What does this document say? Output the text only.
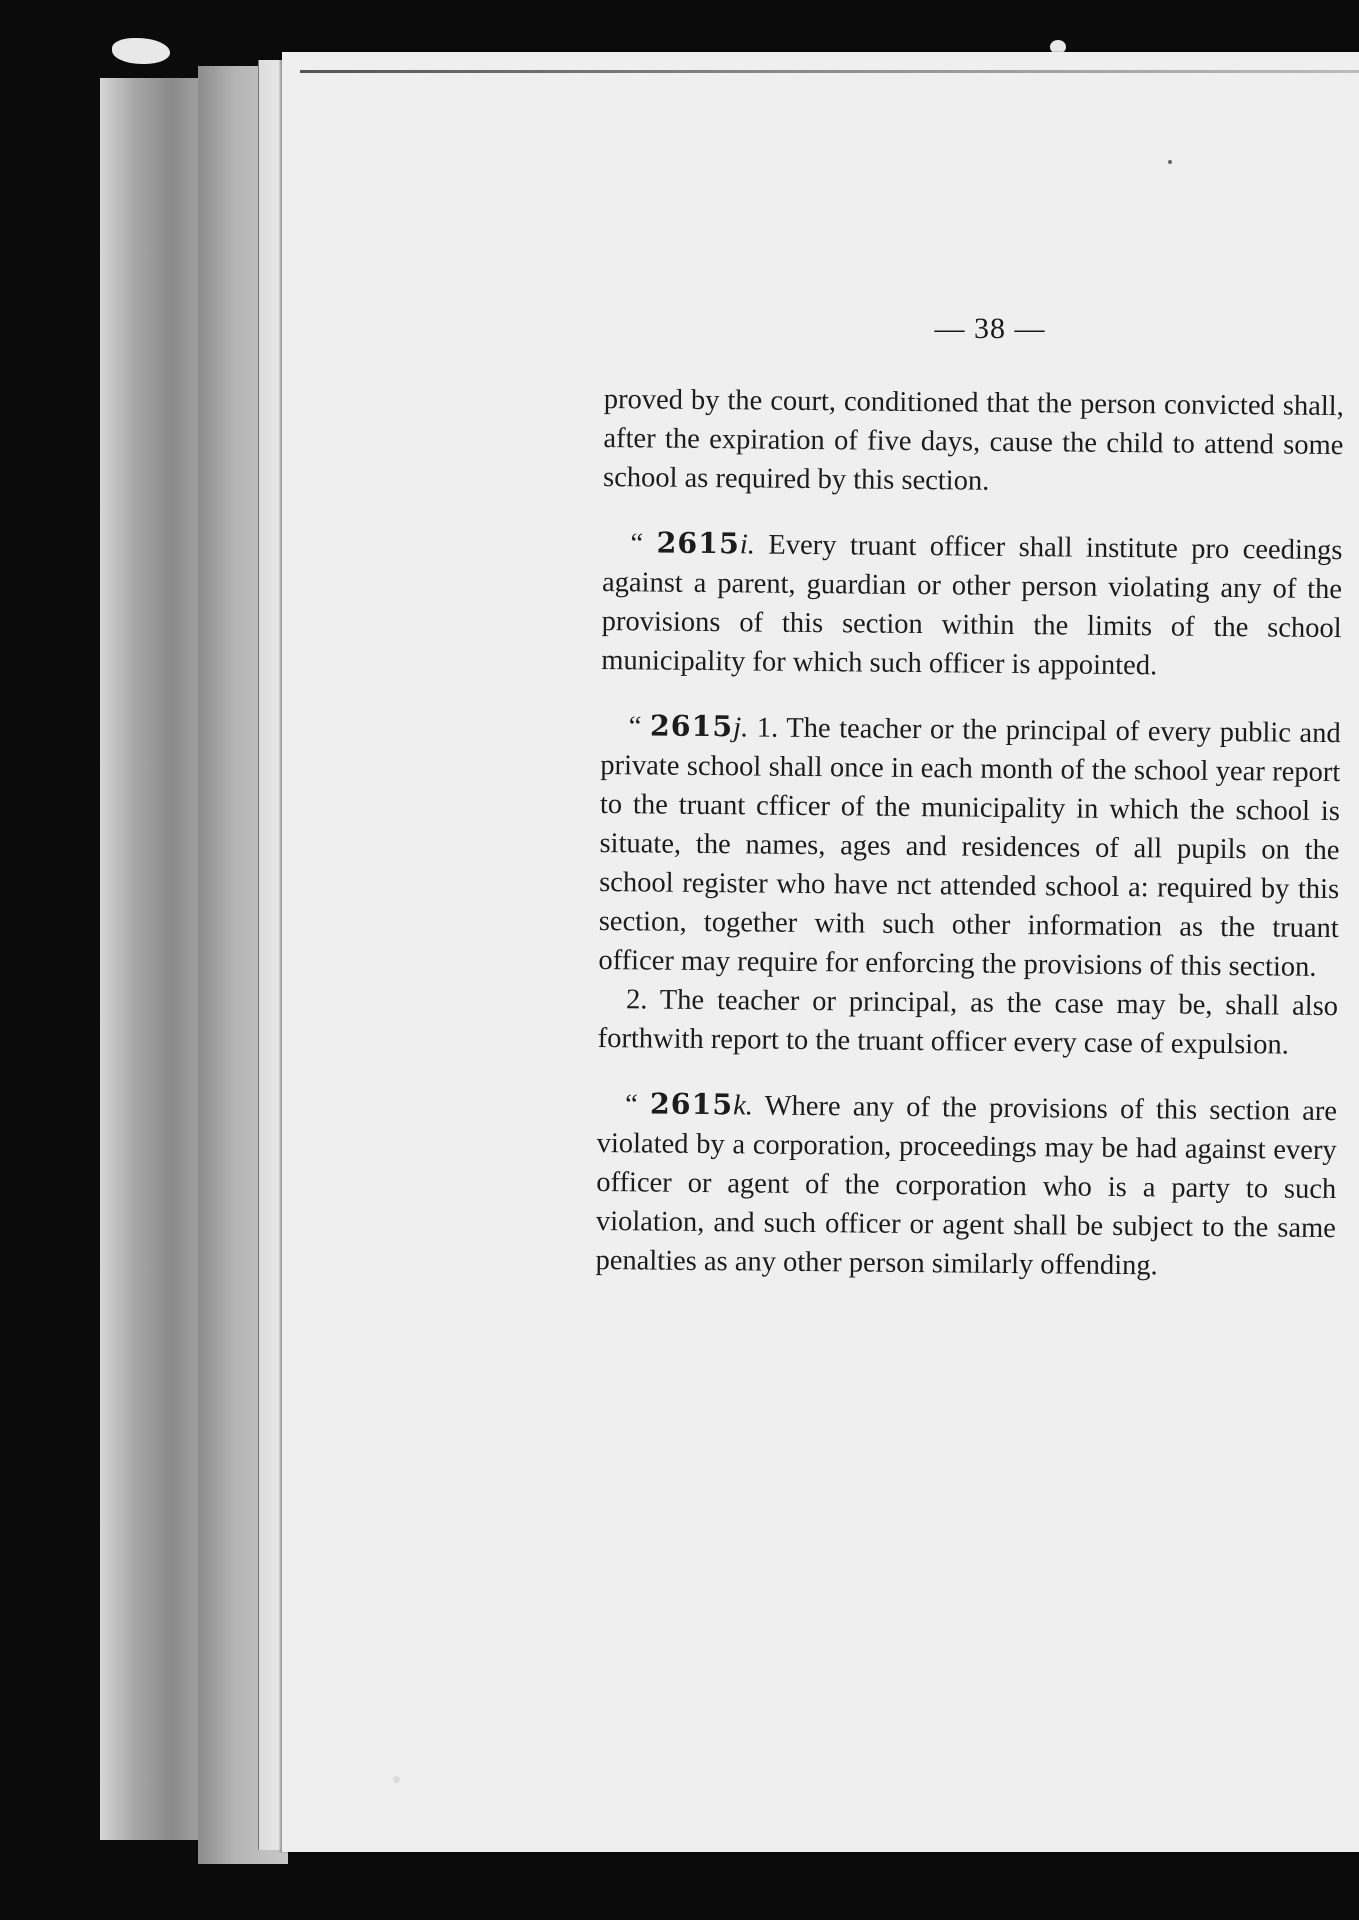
— 38 —

proved by the court, conditioned that the person convicted shall, after the expiration of five days, cause the child to attend some school as required by this section.

“ 2615i. Every truant officer shall institute pro ceedings against a parent, guardian or other person violating any of the provisions of this section within the limits of the school municipality for which such officer is appointed.

“ 2615j. 1. The teacher or the principal of every public and private school shall once in each month of the school year report to the truant cfficer of the municipality in which the school is situate, the names, ages and residences of all pupils on the school register who have nct attended school a: required by this section, together with such other information as the truant officer may require for enforcing the provisions of this section.

2. The teacher or principal, as the case may be, shall also forthwith report to the truant officer every case of expulsion.

“ 2615k. Where any of the provisions of this section are violated by a corporation, proceedings may be had against every officer or agent of the corporation who is a party to such violation, and such officer or agent shall be subject to the same penalties as any other person similarly offending.
